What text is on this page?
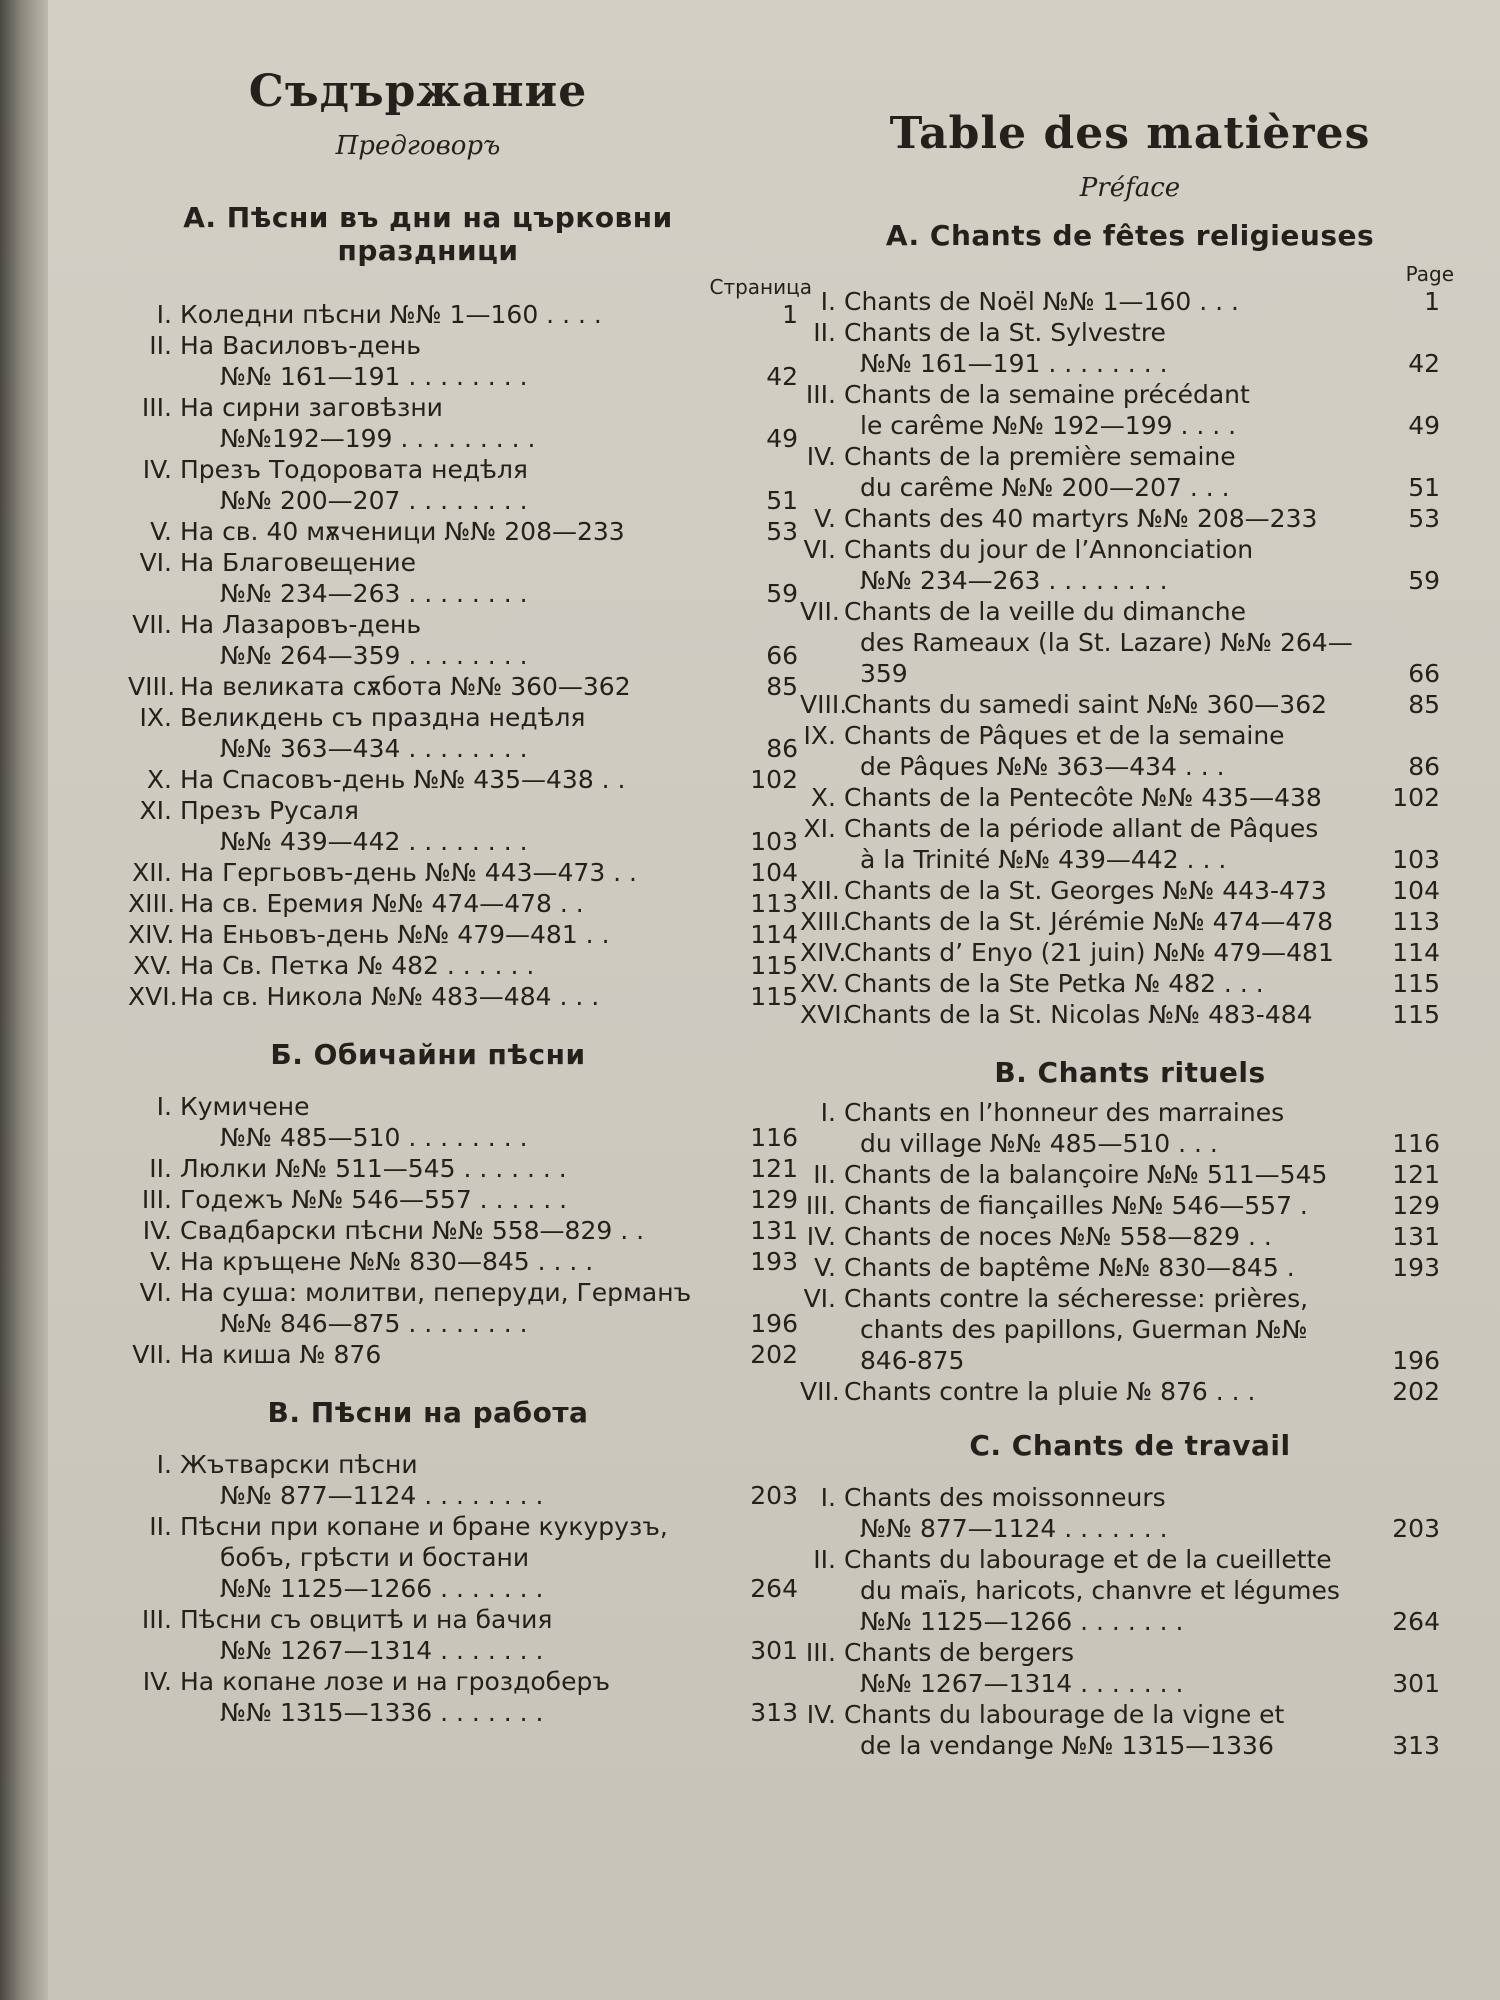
Съдържание

Предговоръ

А. Пѣсни въ дни на църковни праздници

Страница

I. Коледни пѣсни №№ 1—160 . . . .	1
II. На Василовъ-день
№№ 161—191 . . . . . . . .	42
III. На сирни заговѣзни
№№192—199 . . . . . . . . .	49
IV. Презъ Тодоровата недѣля
№№ 200—207 . . . . . . . .	51
V. На св. 40 мѫченици №№ 208—233	53
VI. На Благовещение
№№ 234—263 . . . . . . . .	59
VII. На Лазаровъ-день
№№ 264—359 . . . . . . . .	66
VIII. На великата сѫбота №№ 360—362	85
IX. Великдень съ праздна недѣля
№№ 363—434 . . . . . . . .	86
X. На Спасовъ-день №№ 435—438 . .	102
XI. Презъ Русаля
№№ 439—442 . . . . . . . .	103
XII. На Гергьовъ-день №№ 443—473 . .	104
XIII. На св. Еремия №№ 474—478 . .	113
XIV. На Еньовъ-день №№ 479—481 . .	114
XV. На Св. Петка № 482 . . . . . .	115
XVI.На св. Никола №№ 483—484 . . .	115
Б. Обичайни пѣсни
I. Кумичене
№№ 485—510 . . . . . . . .	116
II. Люлки №№ 511—545 . . . . . . .	121
III. Годежъ №№ 546—557 . . . . . .	129
IV. Свадбарски пѣсни №№ 558—829 . .	131
V. На кръщене №№ 830—845 . . . .	193
VI. На суша: молитви, пеперуди, Германъ
№№ 846—875 . . . . . . . .	196
VII. На киша № 876	202
В. Пѣсни на работа
I. Жътварски пѣсни
№№ 877—1124 . . . . . . . .	203
II. Пѣсни при копане и бране кукурузъ,
бобъ, грѣсти и бостани
№№ 1125—1266 . . . . . . .	264
III. Пѣсни съ овцитѣ и на бачия
№№ 1267—1314 . . . . . . .	301
IV. На копане лозе и на гроздоберъ
№№ 1315—1336 . . . . . . .	313
Table des matières

Préface

A. Chants de fêtes religieuses

Page

I. Chants de Noël №№ 1—160 . . .	1
II. Chants de la St. Sylvestre
№№ 161—191 . . . . . . . .	42
III. Chants de la semaine précédant
le carême №№ 192—199 . . . .	49
IV. Chants de la première semaine
du carême №№ 200—207 . . .	51
V. Chants des 40 martyrs №№ 208—233	53
VI. Chants du jour de l’Annonciation
№№ 234—263 . . . . . . . .	59
VII. Chants de la veille du dimanche
des Rameaux (la St. Lazare) №№ 264—359	66
VIII.Chants du samedi saint №№ 360—362	85
IX. Chants de Pâques et de la semaine
de Pâques №№ 363—434 . . .	86
X. Chants de la Pentecôte №№ 435—438	102
XI. Chants de la période allant de Pâques
à la Trinité №№ 439—442 . . .	103
XII. Chants de la St. Georges №№ 443-473	104
XIII.Chants de la St. Jérémie №№ 474—478	113
XIV.Chants d’ Enyo (21 juin) №№ 479—481	114
XV. Chants de la Ste Petka № 482 . . .	115
XVI.Chants de la St. Nicolas №№ 483-484	115
B. Chants rituels
I. Chants en l’honneur des marraines
du village №№ 485—510 . . .	116
II. Chants de la balançoire №№ 511—545	121
III. Chants de fiançailles №№ 546—557 .	129
IV. Chants de noces №№ 558—829 . .	131
V. Chants de baptême №№ 830—845 .	193
VI. Chants contre la sécheresse: prières,
chants des papillons, Guerman №№ 846-875	196
VII. Chants contre la pluie № 876 . . .	202
C. Chants de travail
I. Chants des moissonneurs
№№ 877—1124 . . . . . . .	203
II. Chants du labourage et de la cueillette
du maïs, haricots, chanvre et légumes
№№ 1125—1266 . . . . . . .	264
III. Chants de bergers
№№ 1267—1314 . . . . . . .	301
IV. Chants du labourage de la vigne et
de la vendange №№ 1315—1336	313
